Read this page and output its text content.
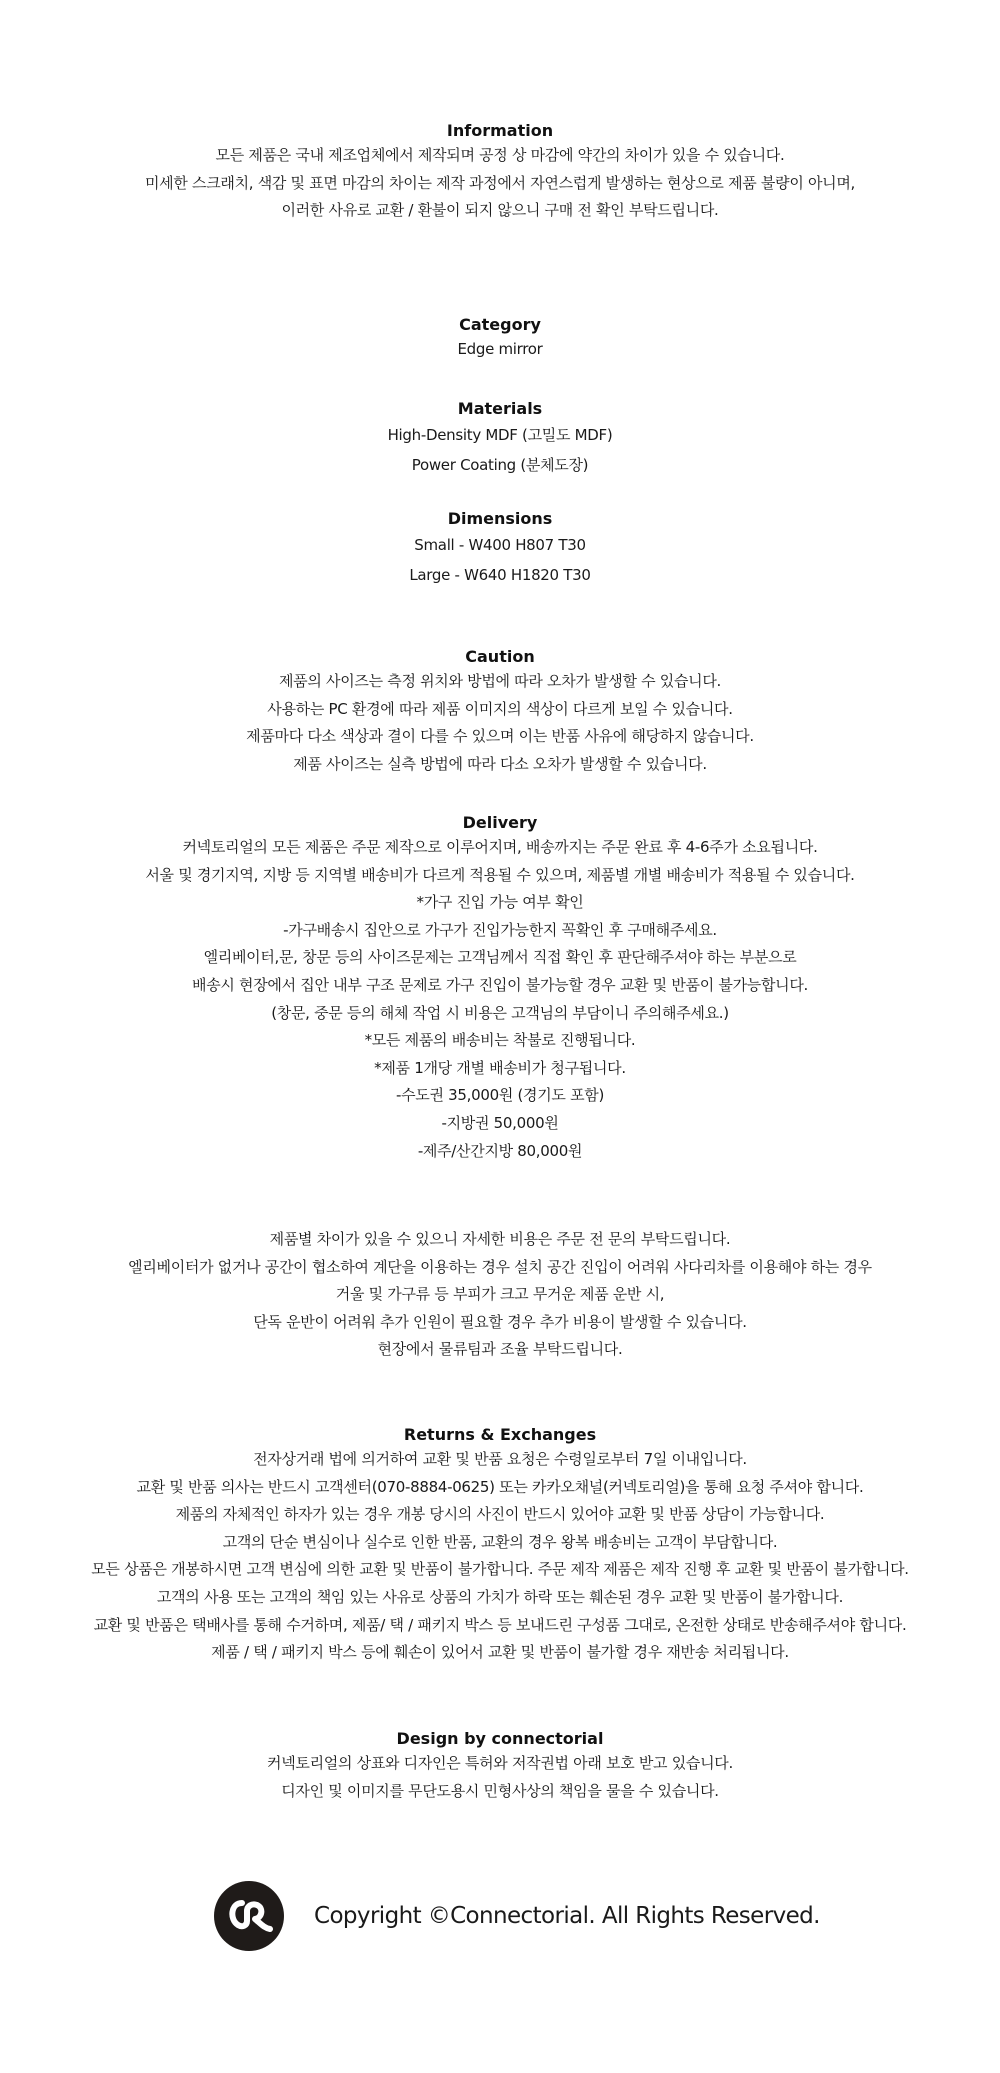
Information

모든 제품은 국내 제조업체에서 제작되며 공정 상 마감에 약간의 차이가 있을 수 있습니다.

미세한 스크래치, 색감 및 표면 마감의 차이는 제작 과정에서 자연스럽게 발생하는 현상으로 제품 불량이 아니며,

이러한 사유로 교환 / 환불이 되지 않으니 구매 전 확인 부탁드립니다.

Category

Edge mirror

Materials

High-Density MDF (고밀도 MDF)

Power Coating (분체도장)

Dimensions

Small - W400 H807 T30

Large - W640 H1820 T30

Caution

제품의 사이즈는 측정 위치와 방법에 따라 오차가 발생할 수 있습니다.

사용하는 PC 환경에 따라 제품 이미지의 색상이 다르게 보일 수 있습니다.

제품마다 다소 색상과 결이 다를 수 있으며 이는 반품 사유에 해당하지 않습니다.

제품 사이즈는 실측 방법에 따라 다소 오차가 발생할 수 있습니다.

Delivery

커넥토리얼의 모든 제품은 주문 제작으로 이루어지며, 배송까지는 주문 완료 후 4-6주가 소요됩니다.

서울 및 경기지역, 지방 등 지역별 배송비가 다르게 적용될 수 있으며, 제품별 개별 배송비가 적용될 수 있습니다.

*가구 진입 가능 여부 확인

-가구배송시 집안으로 가구가 진입가능한지 꼭확인 후 구매해주세요.

엘리베이터,문, 창문 등의 사이즈문제는 고객님께서 직접 확인 후 판단해주셔야 하는 부분으로

배송시 현장에서 집안 내부 구조 문제로 가구 진입이 불가능할 경우 교환 및 반품이 불가능합니다.

(창문, 중문 등의 해체 작업 시 비용은 고객님의 부담이니 주의해주세요.)

*모든 제품의 배송비는 착불로 진행됩니다.

*제품 1개당 개별 배송비가 청구됩니다.

-수도권 35,000원 (경기도 포함)

-지방권 50,000원

-제주/산간지방 80,000원

제품별 차이가 있을 수 있으니 자세한 비용은 주문 전 문의 부탁드립니다.

엘리베이터가 없거나 공간이 협소하여 계단을 이용하는 경우 설치 공간 진입이 어려워 사다리차를 이용해야 하는 경우

거울 및 가구류 등 부피가 크고 무거운 제품 운반 시,

단독 운반이 어려워 추가 인원이 필요할 경우 추가 비용이 발생할 수 있습니다.

현장에서 물류팀과 조율 부탁드립니다.

Returns & Exchanges

전자상거래 법에 의거하여 교환 및 반품 요청은 수령일로부터 7일 이내입니다.

교환 및 반품 의사는 반드시 고객센터(070-8884-0625) 또는 카카오채널(커넥토리얼)을 통해 요청 주셔야 합니다.

제품의 자체적인 하자가 있는 경우 개봉 당시의 사진이 반드시 있어야 교환 및 반품 상담이 가능합니다.

고객의 단순 변심이나 실수로 인한 반품, 교환의 경우 왕복 배송비는 고객이 부담합니다.

모든 상품은 개봉하시면 고객 변심에 의한 교환 및 반품이 불가합니다. 주문 제작 제품은 제작 진행 후 교환 및 반품이 불가합니다.

고객의 사용 또는 고객의 책임 있는 사유로 상품의 가치가 하락 또는 훼손된 경우 교환 및 반품이 불가합니다.

교환 및 반품은 택배사를 통해 수거하며, 제품/ 택 / 패키지 박스 등 보내드린 구성품 그대로, 온전한 상태로 반송해주셔야 합니다.

제품 / 택 / 패키지 박스 등에 훼손이 있어서 교환 및 반품이 불가할 경우 재반송 처리됩니다.

Design by connectorial

커넥토리얼의 상표와 디자인은 특허와 저작권법 아래 보호 받고 있습니다.

디자인 및 이미지를 무단도용시 민형사상의 책임을 물을 수 있습니다.

Copyright ©Connectorial. All Rights Reserved.
